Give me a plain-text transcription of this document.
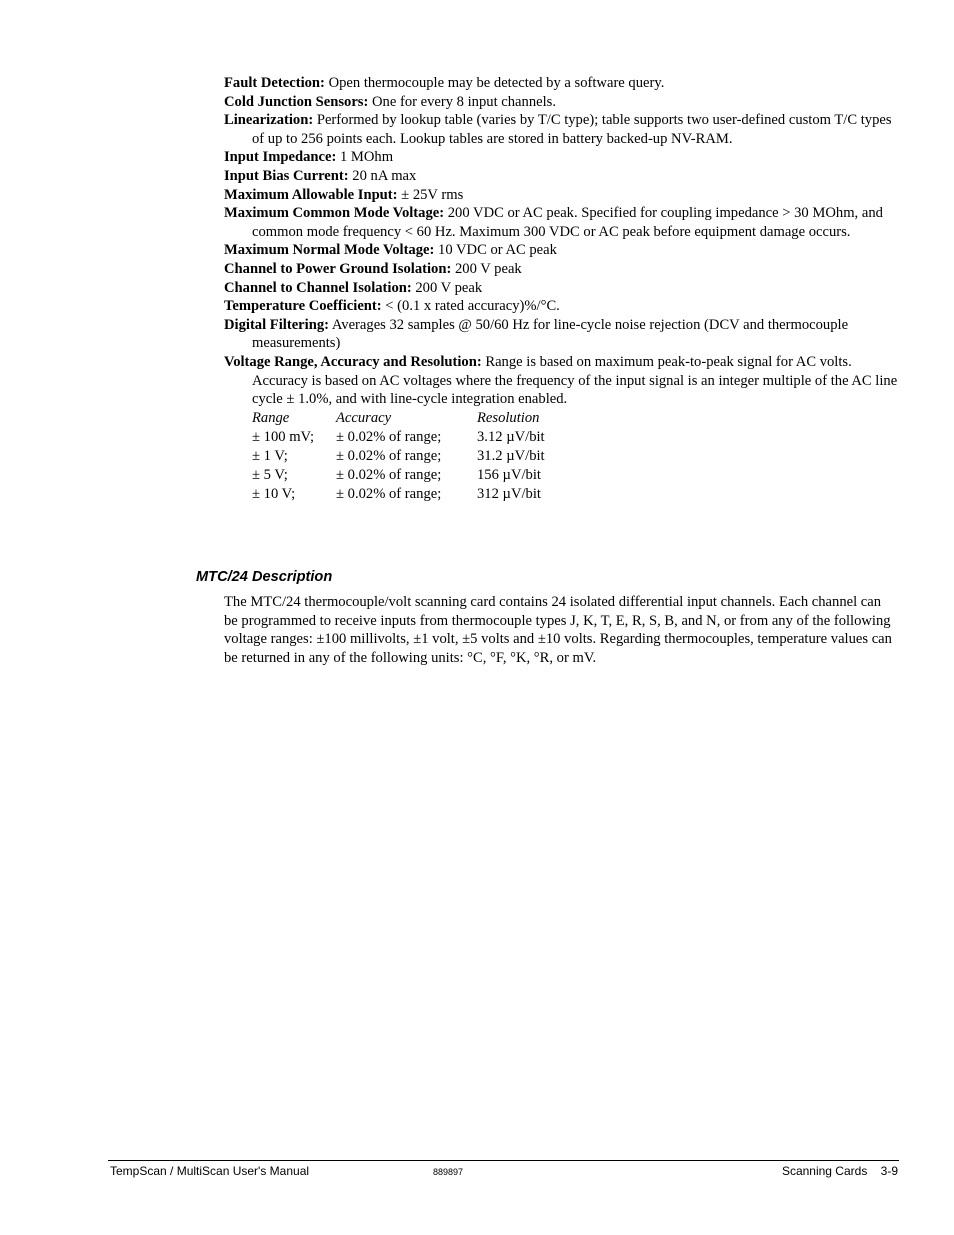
Fault Detection: Open thermocouple may be detected by a software query.

Cold Junction Sensors: One for every 8 input channels.

Linearization: Performed by lookup table (varies by T/C type); table supports two user-defined custom T/C types of up to 256 points each. Lookup tables are stored in battery backed-up NV-RAM.

Input Impedance: 1 MOhm

Input Bias Current: 20 nA max

Maximum Allowable Input: ± 25V rms

Maximum Common Mode Voltage: 200 VDC or AC peak. Specified for coupling impedance > 30 MOhm, and common mode frequency < 60 Hz. Maximum 300 VDC or AC peak before equipment damage occurs.

Maximum Normal Mode Voltage: 10 VDC or AC peak

Channel to Power Ground Isolation: 200 V peak

Channel to Channel Isolation: 200 V peak

Temperature Coefficient: < (0.1 x rated accuracy)%/°C.

Digital Filtering: Averages 32 samples @ 50/60 Hz for line-cycle noise rejection (DCV and thermocouple measurements)

Voltage Range, Accuracy and Resolution: Range is based on maximum peak-to-peak signal for AC volts. Accuracy is based on AC voltages where the frequency of the input signal is an integer multiple of the AC line cycle ± 1.0%, and with line-cycle integration enabled.

Range	Accuracy	Resolution
± 100 mV;	± 0.02% of range;	3.12 µV/bit
± 1 V;	± 0.02% of range;	31.2 µV/bit
± 5 V;	± 0.02% of range;	156 µV/bit
± 10 V;	± 0.02% of range;	312 µV/bit
MTC/24 Description

The MTC/24 thermocouple/volt scanning card contains 24 isolated differential input channels. Each channel can be programmed to receive inputs from thermocouple types J, K, T, E, R, S, B, and N, or from any of the following voltage ranges: ±100 millivolts, ±1 volt, ±5 volts and ±10 volts. Regarding thermocouples, temperature values can be returned in any of the following units: °C, °F, °K, °R, or mV.

TempScan / MultiScan User's Manual	889897	Scanning Cards    3-9
